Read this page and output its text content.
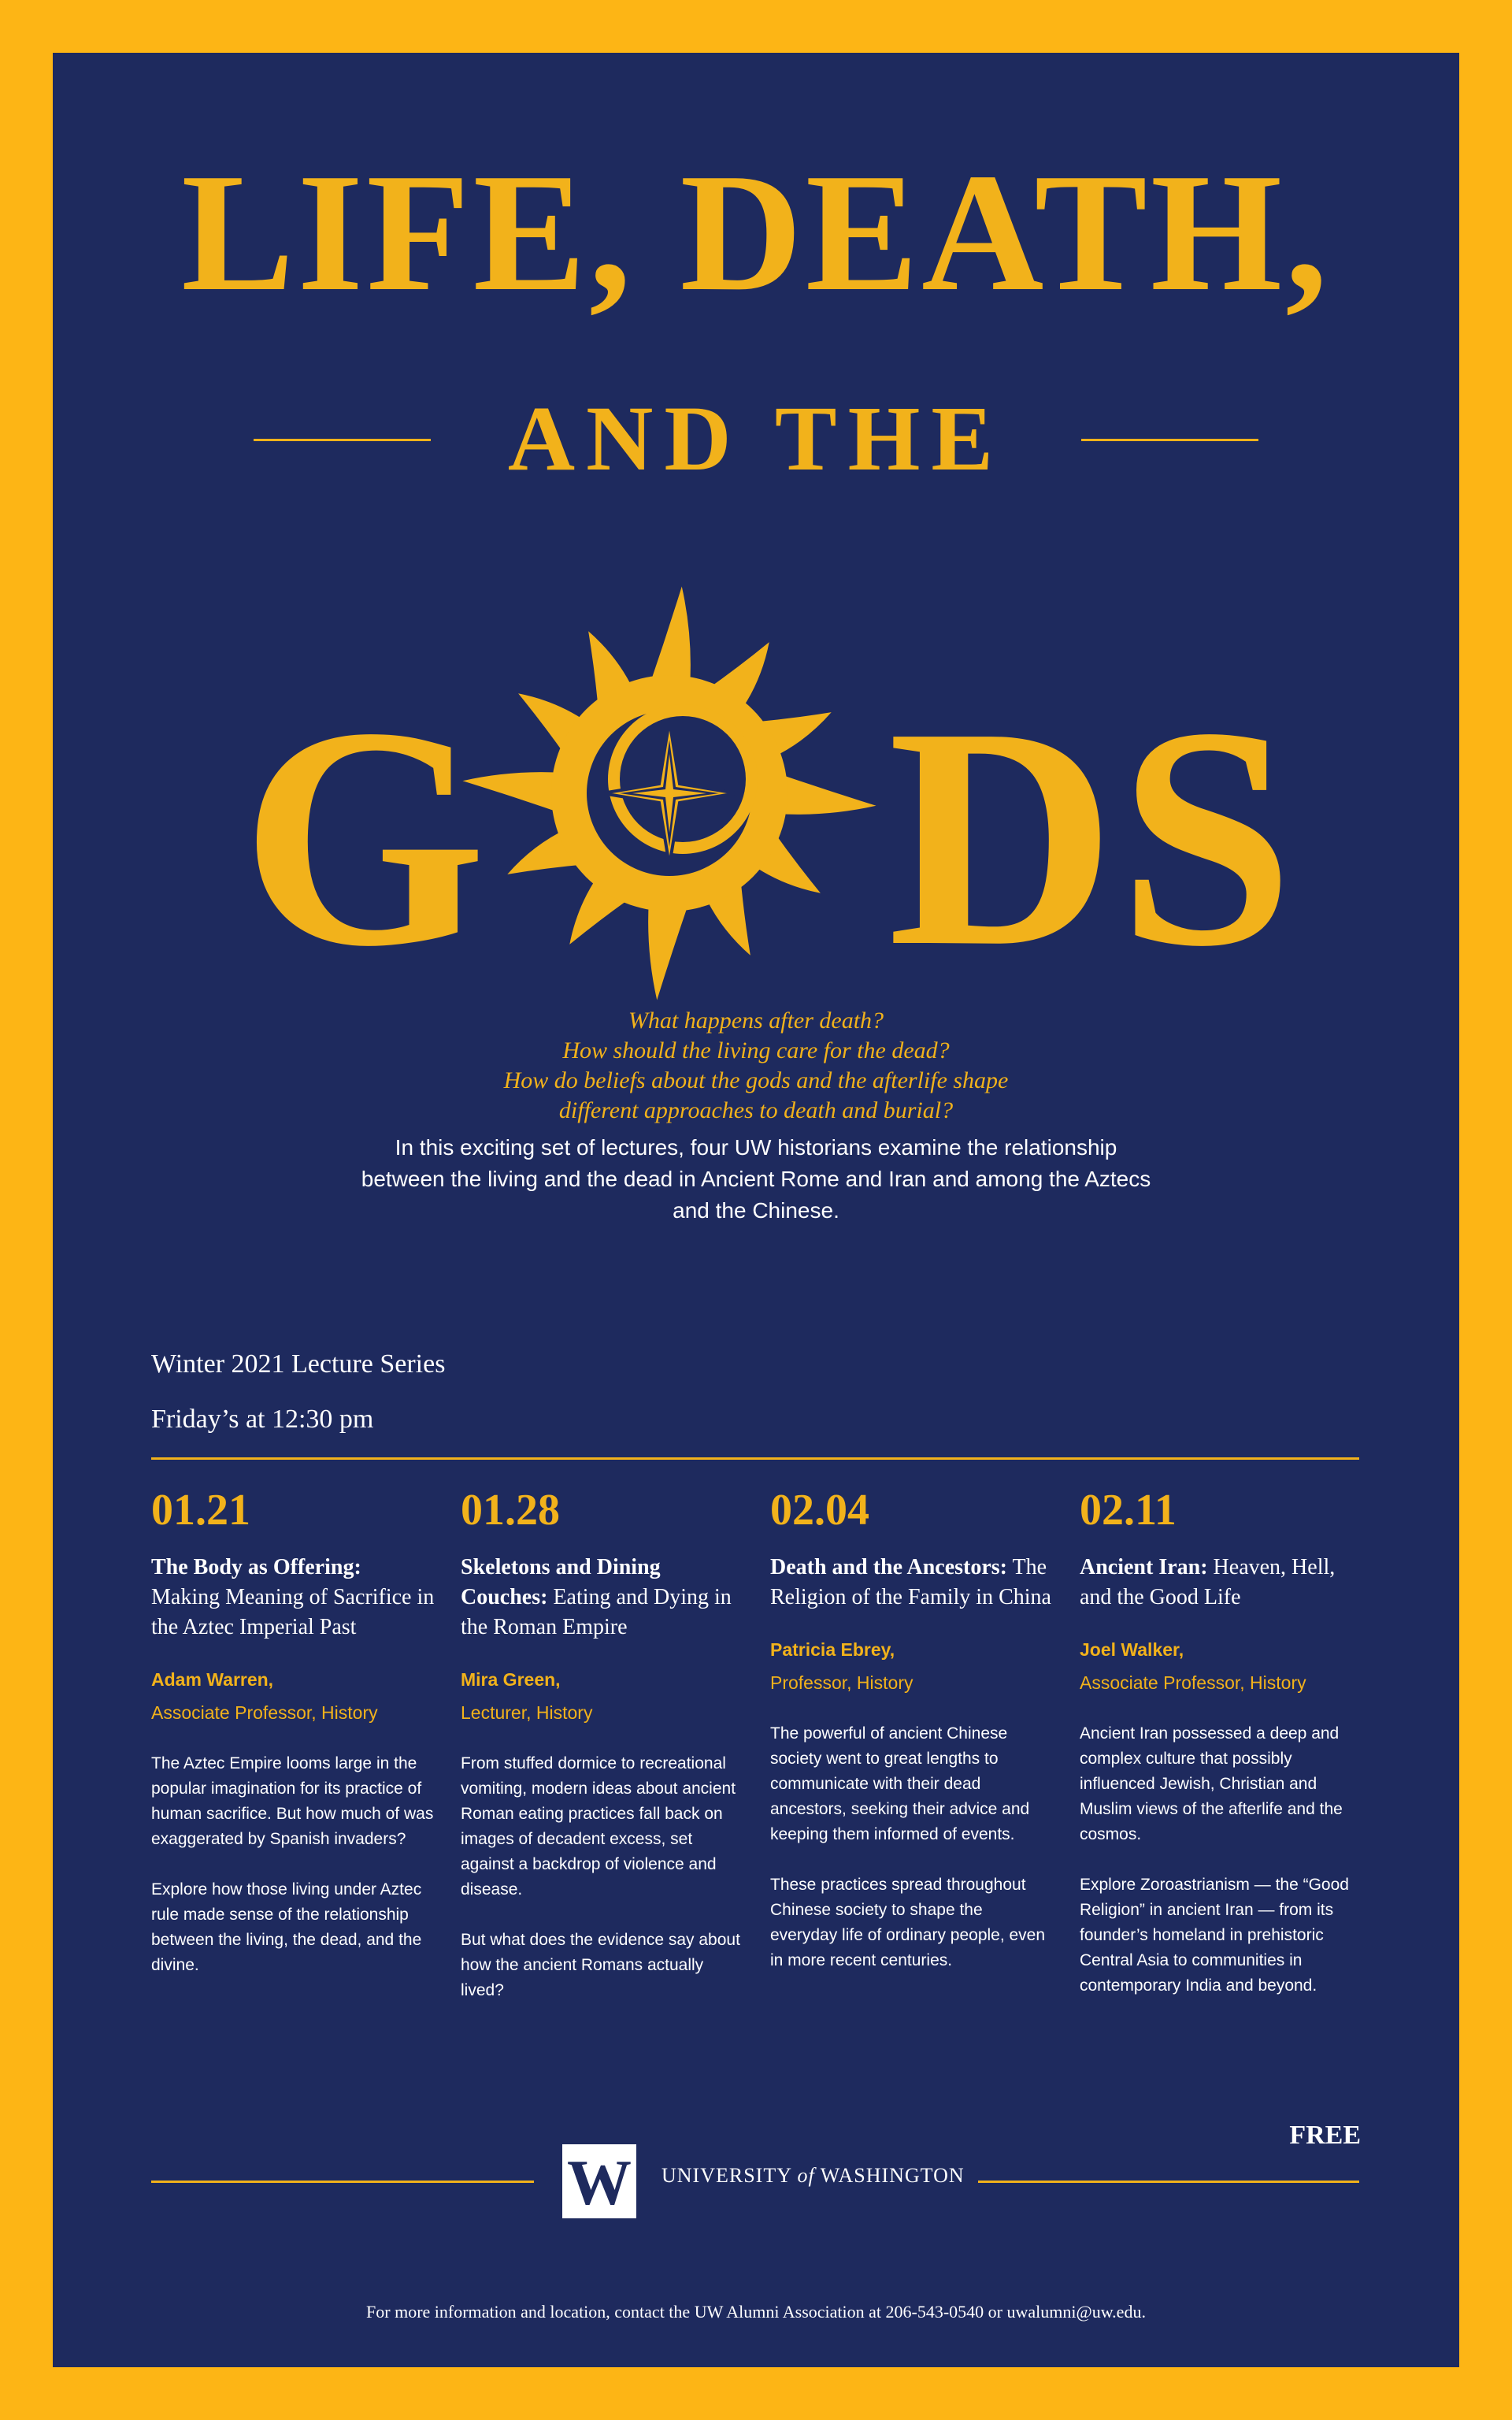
LIFE, DEATH,
AND THE
G DS
What happens after death?
How should the living care for the dead?
How do beliefs about the gods and the afterlife shape
different approaches to death and burial?
In this exciting set of lectures, four UW historians examine the relationship between the living and the dead in Ancient Rome and Iran and among the Aztecs and the Chinese.
Winter 2021 Lecture Series
Friday’s at 12:30 pm
01.21
The Body as Offering: Making Meaning of Sacrifice in the Aztec Imperial Past
Adam Warren,
Associate Professor, History

The Aztec Empire looms large in the popular imagination for its practice of human sacrifice. But how much of was exaggerated by Spanish invaders?

Explore how those living under Aztec rule made sense of the relationship between the living, the dead, and the divine.

01.28
Skeletons and Dining Couches: Eating and Dying in the Roman Empire
Mira Green,
Lecturer, History

From stuffed dormice to recreational vomiting, modern ideas about ancient Roman eating practices fall back on images of decadent excess, set against a backdrop of violence and disease.

But what does the evidence say about how the ancient Romans actually lived?

02.04
Death and the Ancestors: The Religion of the Family in China
Patricia Ebrey,
Professor, History

The powerful of ancient Chinese society went to great lengths to communicate with their dead ancestors, seeking their advice and keeping them informed of events.

These practices spread throughout Chinese society to shape the everyday life of ordinary people, even in more recent centuries.

02.11
Ancient Iran: Heaven, Hell, and the Good Life
Joel Walker,
Associate Professor, History

Ancient Iran possessed a deep and complex culture that possibly influenced Jewish, Christian and Muslim views of the afterlife and the cosmos.

Explore Zoroastrianism — the “Good Religion” in ancient Iran — from its founder’s homeland in prehistoric Central Asia to communities in contemporary India and beyond.

FREE
W UNIVERSITY of WASHINGTON
For more information and location, contact the UW Alumni Association at 206-543-0540 or uwalumni@uw.edu.
